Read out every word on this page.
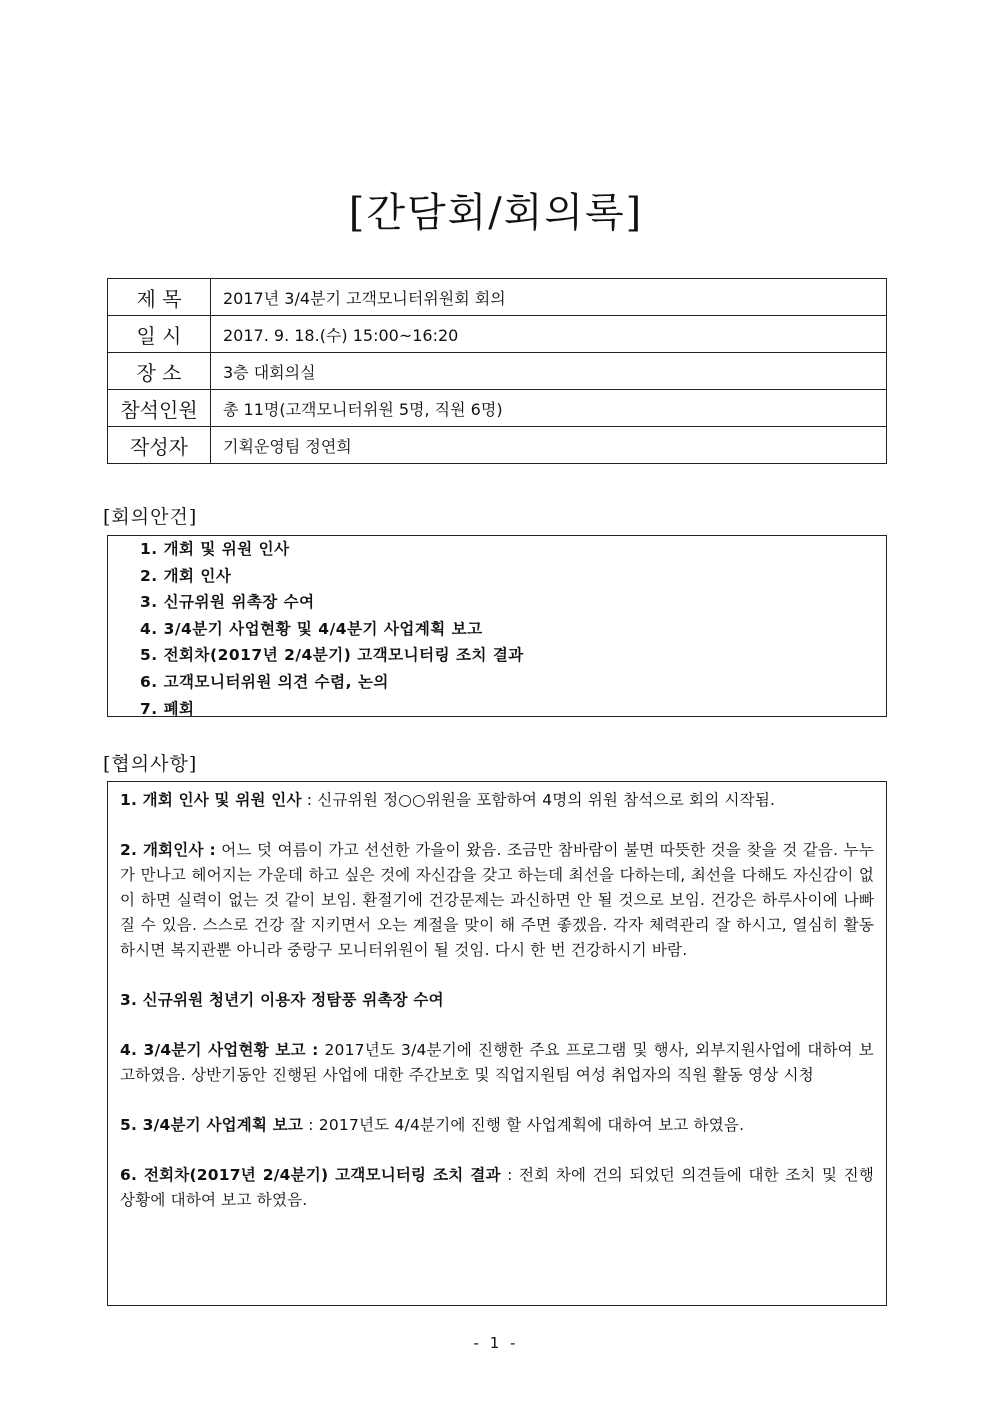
[간담회/회의록]
제 목	2017년 3/4분기 고객모니터위원회 회의
일 시	2017. 9. 18.(수) 15:00~16:20
장 소	3층 대회의실
참석인원	총 11명(고객모니터위원 5명, 직원 6명)
작성자	기획운영팀 정연희
[회의안건]
1. 개회 및 위원 인사
2. 개회 인사
3. 신규위원 위촉장 수여
4. 3/4분기 사업현황 및 4/4분기 사업계획 보고
5. 전회차(2017년 2/4분기) 고객모니터링 조치 결과
6. 고객모니터위원 의견 수렴, 논의
7. 폐회
[협의사항]

1. 개회 인사 및 위원 인사 : 신규위원 정○○위원을 포함하여 4명의 위원 참석으로 회의 시작됨.

2. 개회인사 : 어느 덧 여름이 가고 선선한 가을이 왔음. 조금만 참바람이 불면 따뜻한 것을 찾을 것 같음. 누누가 만나고 헤어지는 가운데 하고 싶은 것에 자신감을 갖고 하는데 최선을 다하는데, 최선을 다해도 자신감이 없이 하면 실력이 없는 것 같이 보임. 환절기에 건강문제는 과신하면 안 될 것으로 보임. 건강은 하루사이에 나빠질 수 있음. 스스로 건강 잘 지키면서 오는 계절을 맞이 해 주면 좋겠음. 각자 체력관리 잘 하시고, 열심히 활동하시면 복지관뿐 아니라 중랑구 모니터위원이 될 것임. 다시 한 번 건강하시기 바람.

3. 신규위원 청년기 이용자 정탐풍 위촉장 수여

4. 3/4분기 사업현황 보고 : 2017년도 3/4분기에 진행한 주요 프로그램 및 행사, 외부지원사업에 대하여 보고하였음. 상반기동안 진행된 사업에 대한 주간보호 및 직업지원팀 여성 취업자의 직원 활동 영상 시청

5. 3/4분기 사업계획 보고 : 2017년도 4/4분기에 진행 할 사업계획에 대하여 보고 하였음.

6. 전회차(2017년 2/4분기) 고객모니터링 조치 결과 : 전회 차에 건의 되었던 의견들에 대한 조치 및 진행 상황에 대하여 보고 하였음.

- 1 -
